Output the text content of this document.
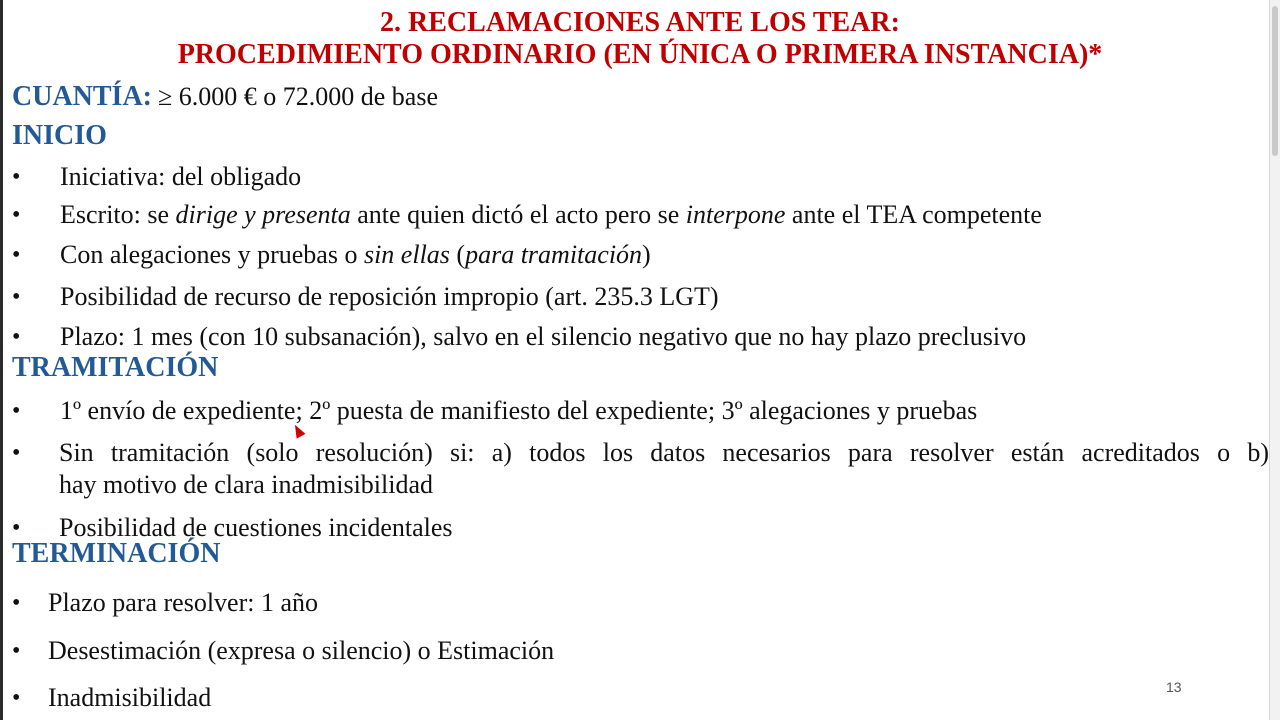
2. RECLAMACIONES ANTE LOS TEAR:
PROCEDIMIENTO ORDINARIO (EN ÚNICA O PRIMERA INSTANCIA)*
CUANTÍA: ≥ 6.000 € o 72.000 de base
INICIO
• Iniciativa: del obligado
• Escrito: se dirige y presenta ante quien dictó el acto pero se interpone ante el TEA competente
• Con alegaciones y pruebas o sin ellas (para tramitación)
• Posibilidad de recurso de reposición impropio (art. 235.3 LGT)
• Plazo: 1 mes (con 10 subsanación), salvo en el silencio negativo que no hay plazo preclusivo
TRAMITACIÓN
• 1º envío de expediente; 2º puesta de manifiesto del expediente; 3º alegaciones y pruebas
• Sin tramitación (solo resolución) si: a) todos los datos necesarios para resolver están acreditados o b)
hay motivo de clara inadmisibilidad
• Posibilidad de cuestiones incidentales
TERMINACIÓN
• Plazo para resolver: 1 año
• Desestimación (expresa o silencio) o Estimación
• Inadmisibilidad	13
